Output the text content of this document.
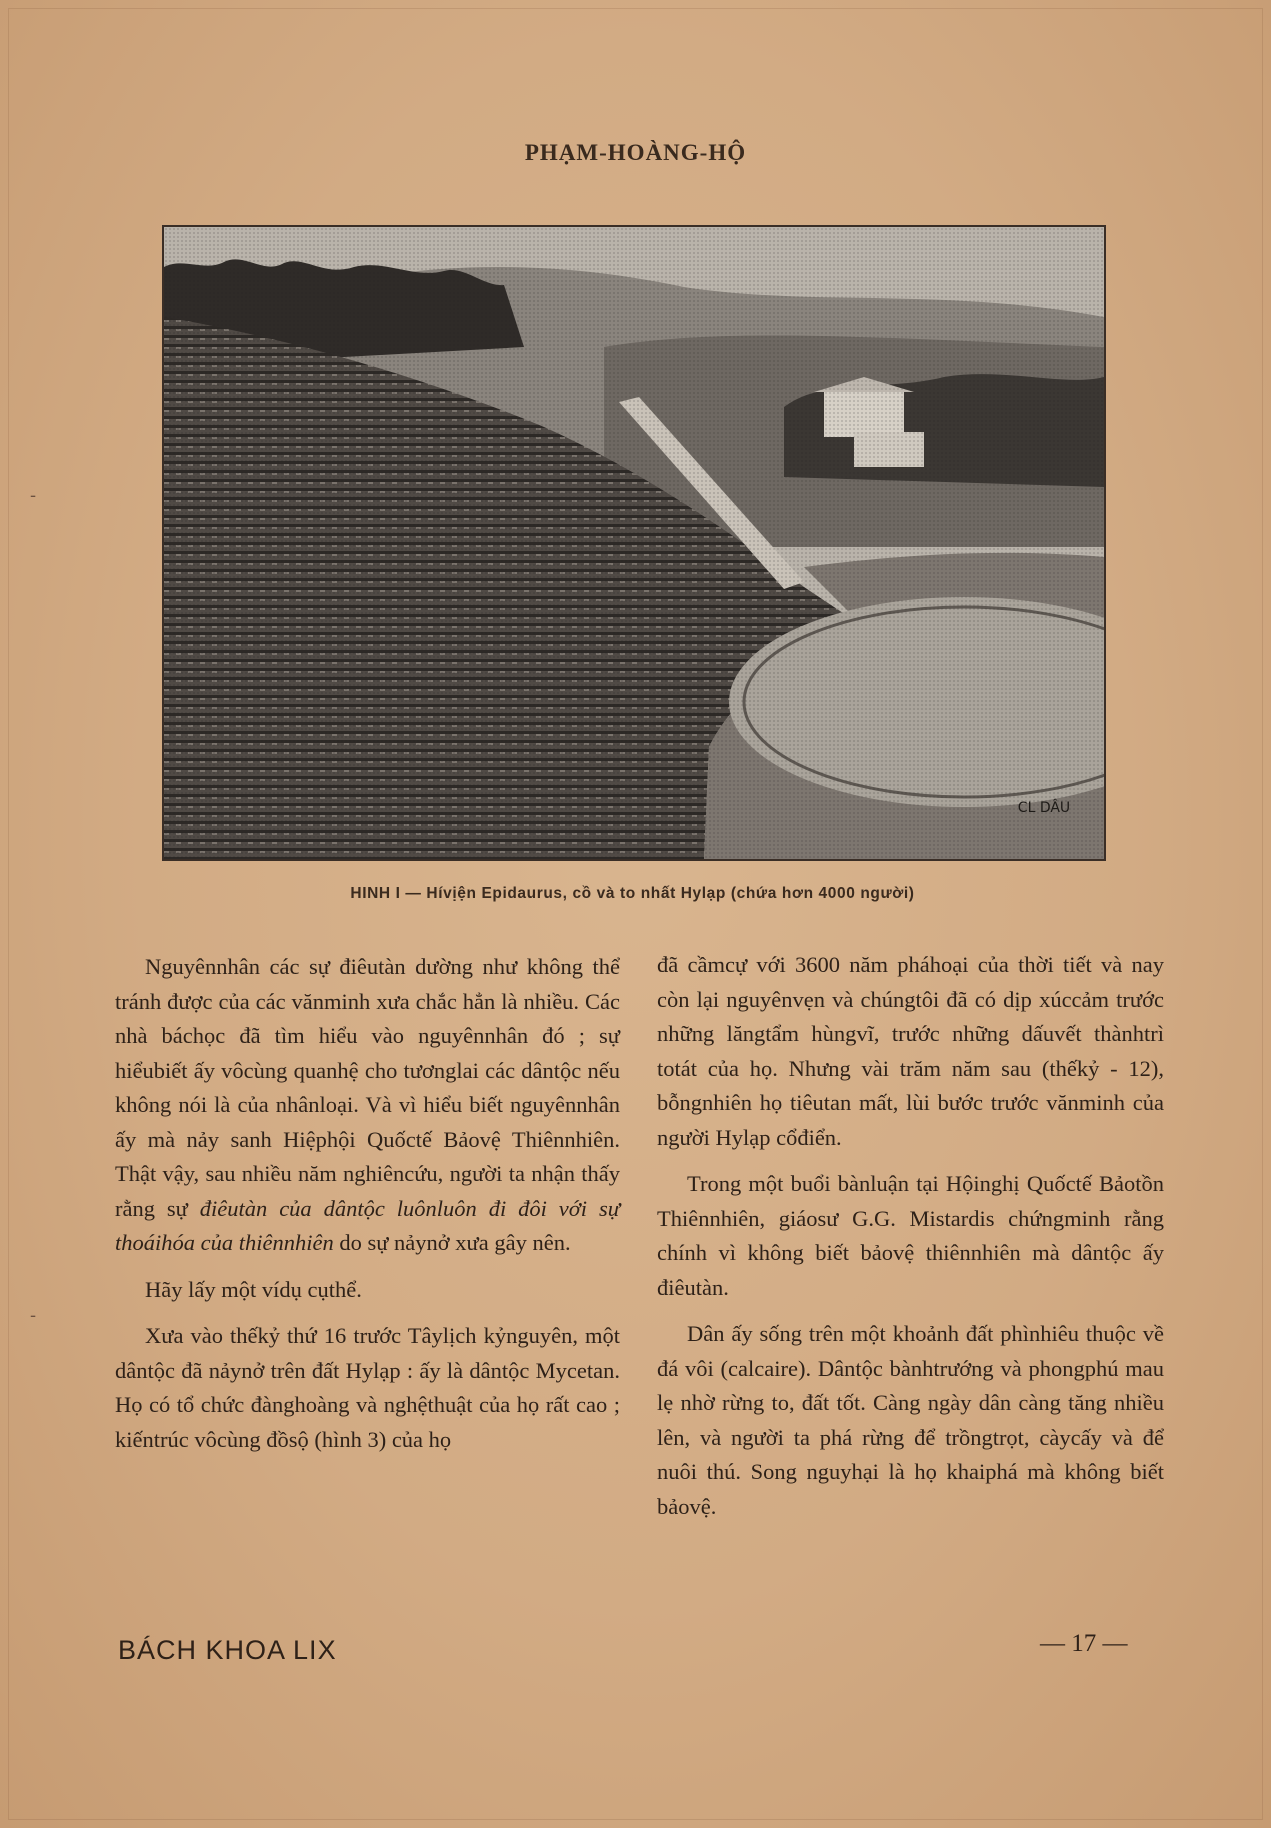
-
-
PHẠM-HOÀNG-HỘ
CL DÂU
HINH I — Hívịện Epidaurus, cồ và to nhất Hylạp (chứa hơn 4000 người)

Nguyênnhân các sự điêutàn dường như không thể tránh được của các vănminh xưa chắc hẳn là nhiều. Các nhà báchọc đã tìm hiểu vào nguyênnhân đó ; sự hiểubiết ấy vôcùng quanhệ cho tươnglai các dântộc nếu không nói là của nhânloại. Và vì hiểu biết nguyênnhân ấy mà nảy sanh Hiệphội Quốctế Bảovệ Thiênnhiên. Thật vậy, sau nhiều năm nghiêncứu, người ta nhận thấy rằng sự điêutàn của dântộc luônluôn đi đôi với sự thoáihóa của thiênnhiên do sự nảynở xưa gây nên.

Hãy lấy một vídụ cụthể.

Xưa vào thếkỷ thứ 16 trước Tâylịch kỷnguyên, một dântộc đã nảynở trên đất Hylạp : ấy là dântộc Mycetan. Họ có tổ chức đànghoàng và nghệthuật của họ rất cao ; kiếntrúc vôcùng đồsộ (hình 3) của họ

đã cầmcự với 3600 năm pháhoại của thời tiết và nay còn lại nguyênvẹn và chúngtôi đã có dịp xúccảm trước những lăngtẩm hùngvĩ, trước những dấuvết thànhtrì totát của họ. Nhưng vài trăm năm sau (thếkỷ - 12), bỗngnhiên họ tiêutan mất, lùi bước trước vănminh của người Hylạp cổđiển.

Trong một buổi bànluận tại Hộinghị Quốctế Bảotồn Thiênnhiên, giáosư G.G. Mistardis chứngminh rằng chính vì không biết bảovệ thiênnhiên mà dântộc ấy điêutàn.

Dân ấy sống trên một khoảnh đất phìnhiêu thuộc về đá vôi (calcaire). Dântộc bànhtrướng và phongphú mau lẹ nhờ rừng to, đất tốt. Càng ngày dân càng tăng nhiều lên, và người ta phá rừng để trồngtrọt, càycấy và để nuôi thú. Song nguyhại là họ khaiphá mà không biết bảovệ.

BÁCH KHOA LIX	— 17 —
